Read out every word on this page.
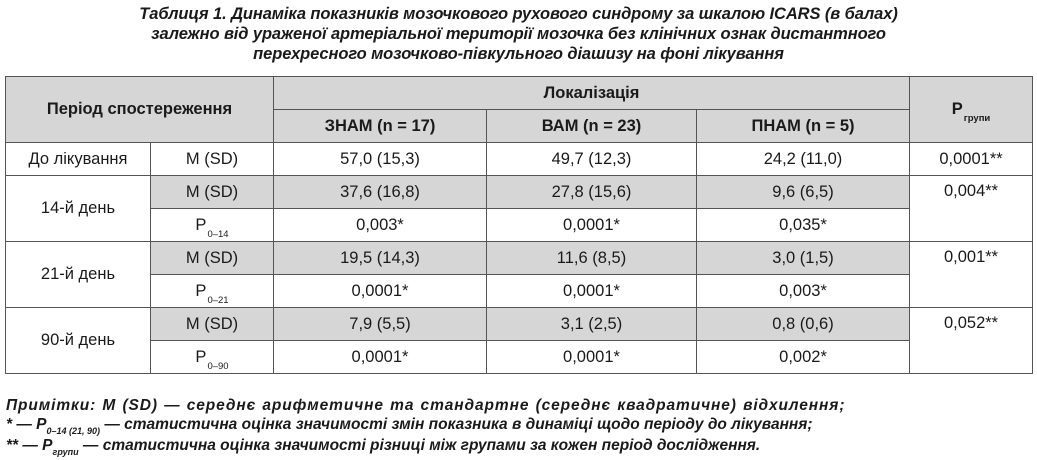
Таблиця 1. Динаміка показників мозочкового рухового синдрому за шкалою ICARS (в балах)
залежно від ураженої артеріальної території мозочка без клінічних ознак дистантного
перехресного мозочково-півкульного діашизу на фоні лікування
Період спостереження		Локалізація			$P_{групи}$
		ЗНАМ (n = 17)	ВАМ (n = 23)	ПНАМ (n = 5)	
До лікування	M (SD)	57,0 (15,3)	49,7 (12,3)	24,2 (11,0)	0,0001**
14-й день	M (SD)	37,6 (16,8)	27,8 (15,6)	9,6 (6,5)	0,004**

	$P_{0-14}$	0,003*	0,0001*	0,035*	
21-й день	M (SD)	19,5 (14,3)	11,6 (8,5)	3,0 (1,5)	0,001**

	$P_{0-21}$	0,0001*	0,0001*	0,003*	
90-й день	M (SD)	7,9 (5,5)	3,1 (2,5)	0,8 (0,6)	0,052**

	$P_{0-90}$	0,0001*	0,0001*	0,002*	
Примітки: M (SD) — середнє арифметичне та стандартне (середнє квадратичне) відхилення;
* — $P_{0-14 (21, 90)}$ — статистична оцінка значимості змін показника в динаміці щодо періоду до лікування;
** — $P_{групи}$ — статистична оцінка значимості різниці між групами за кожен період дослідження.
